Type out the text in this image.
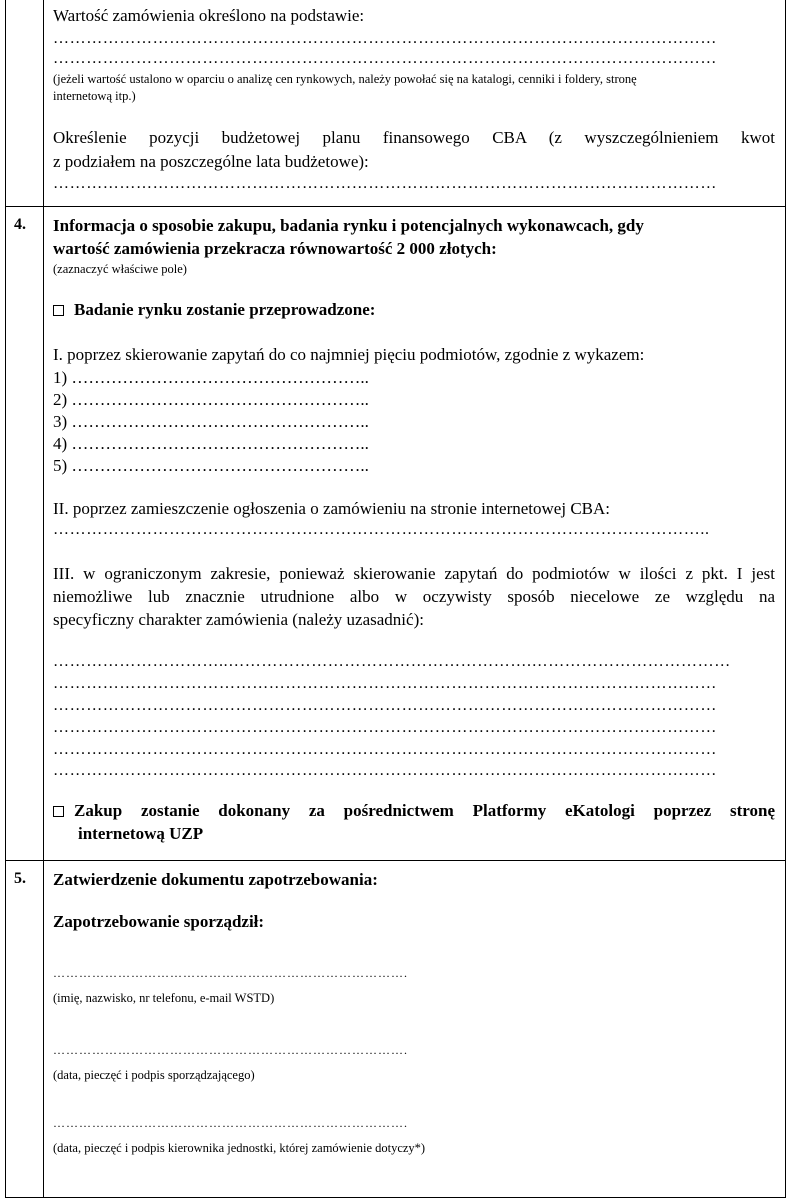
Wartość zamówienia określono na podstawie:
…………………………………………………………………………………………………………
…………………………………………………………………………………………………………
(jeżeli wartość ustalono w oparciu o analizę cen rynkowych, należy powołać się na katalogi, cenniki i foldery, stronę
internetową itp.)
Określenie pozycji budżetowej planu finansowego CBA (z wyszczególnieniem kwot
z podziałem na poszczególne lata budżetowe):
…………………………………………………………………………………………………………
4. Informacja o sposobie zakupu, badania rynku i potencjalnych wykonawcach, gdy
wartość zamówienia przekracza równowartość 2 000 złotych:
(zaznaczyć właściwe pole)
Badanie rynku zostanie przeprowadzone:
I. poprzez skierowanie zapytań do co najmniej pięciu podmiotów, zgodnie z wykazem:
1) ……………………………………………..
2) ……………………………………………..
3) ……………………………………………..
4) ……………………………………………..
5) ……………………………………………..
II. poprzez zamieszczenie ogłoszenia o zamówieniu na stronie internetowej CBA:
………………………………………………………………………………………………………..
III. w ograniczonym zakresie, ponieważ skierowanie zapytań do podmiotów w ilości z pkt. I jest
niemożliwe lub znacznie utrudnione albo w oczywisty sposób niecelowe ze względu na
specyficzny charakter zamówienia (należy uzasadnić):
…………………………..……………………………………………….………………………………
…………………………………………………………………………………………………………
…………………………………………………………………………………………………………
…………………………………………………………………………………………………………
…………………………………………………………………………………………………………
…………………………………………………………………………………………………………
Zakup zostanie dokonany za pośrednictwem Platformy eKatologi poprzez stronę
internetową UZP
5. Zatwierdzenie dokumentu zapotrzebowania:
Zapotrzebowanie sporządził:
……………………………………………………………………….
(imię, nazwisko, nr telefonu, e-mail WSTD)
……………………………………………………………………….
(data, pieczęć i podpis sporządzającego)
……………………………………………………………………….
(data, pieczęć i podpis kierownika jednostki, której zamówienie dotyczy*)
